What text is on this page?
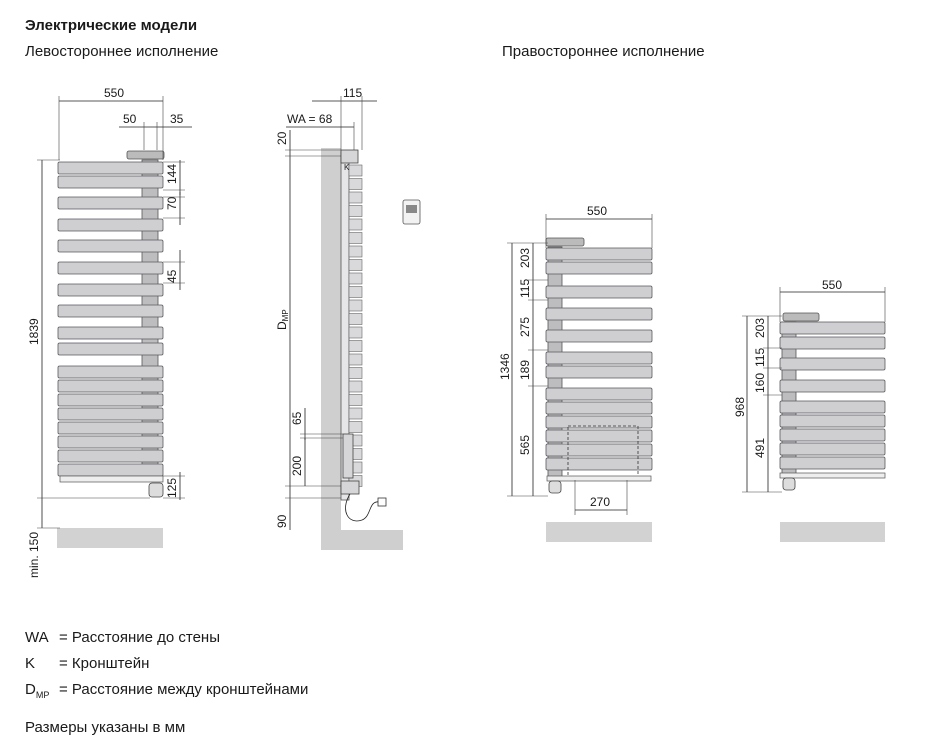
Электрические модели
Левостороннее исполнение	Правостороннее исполнение
550
50	35
1839
min. 150
144
70
45
125
K
115
WA = 68
20
DMP
65
200
90
550
1346
203
115
275
189
565
270
550
968
203
115
160
491
WA = Расстояние до стены
K = Кронштейн
$D_{MP}$ = Расстояние между кронштейнами
Размеры указаны в мм
